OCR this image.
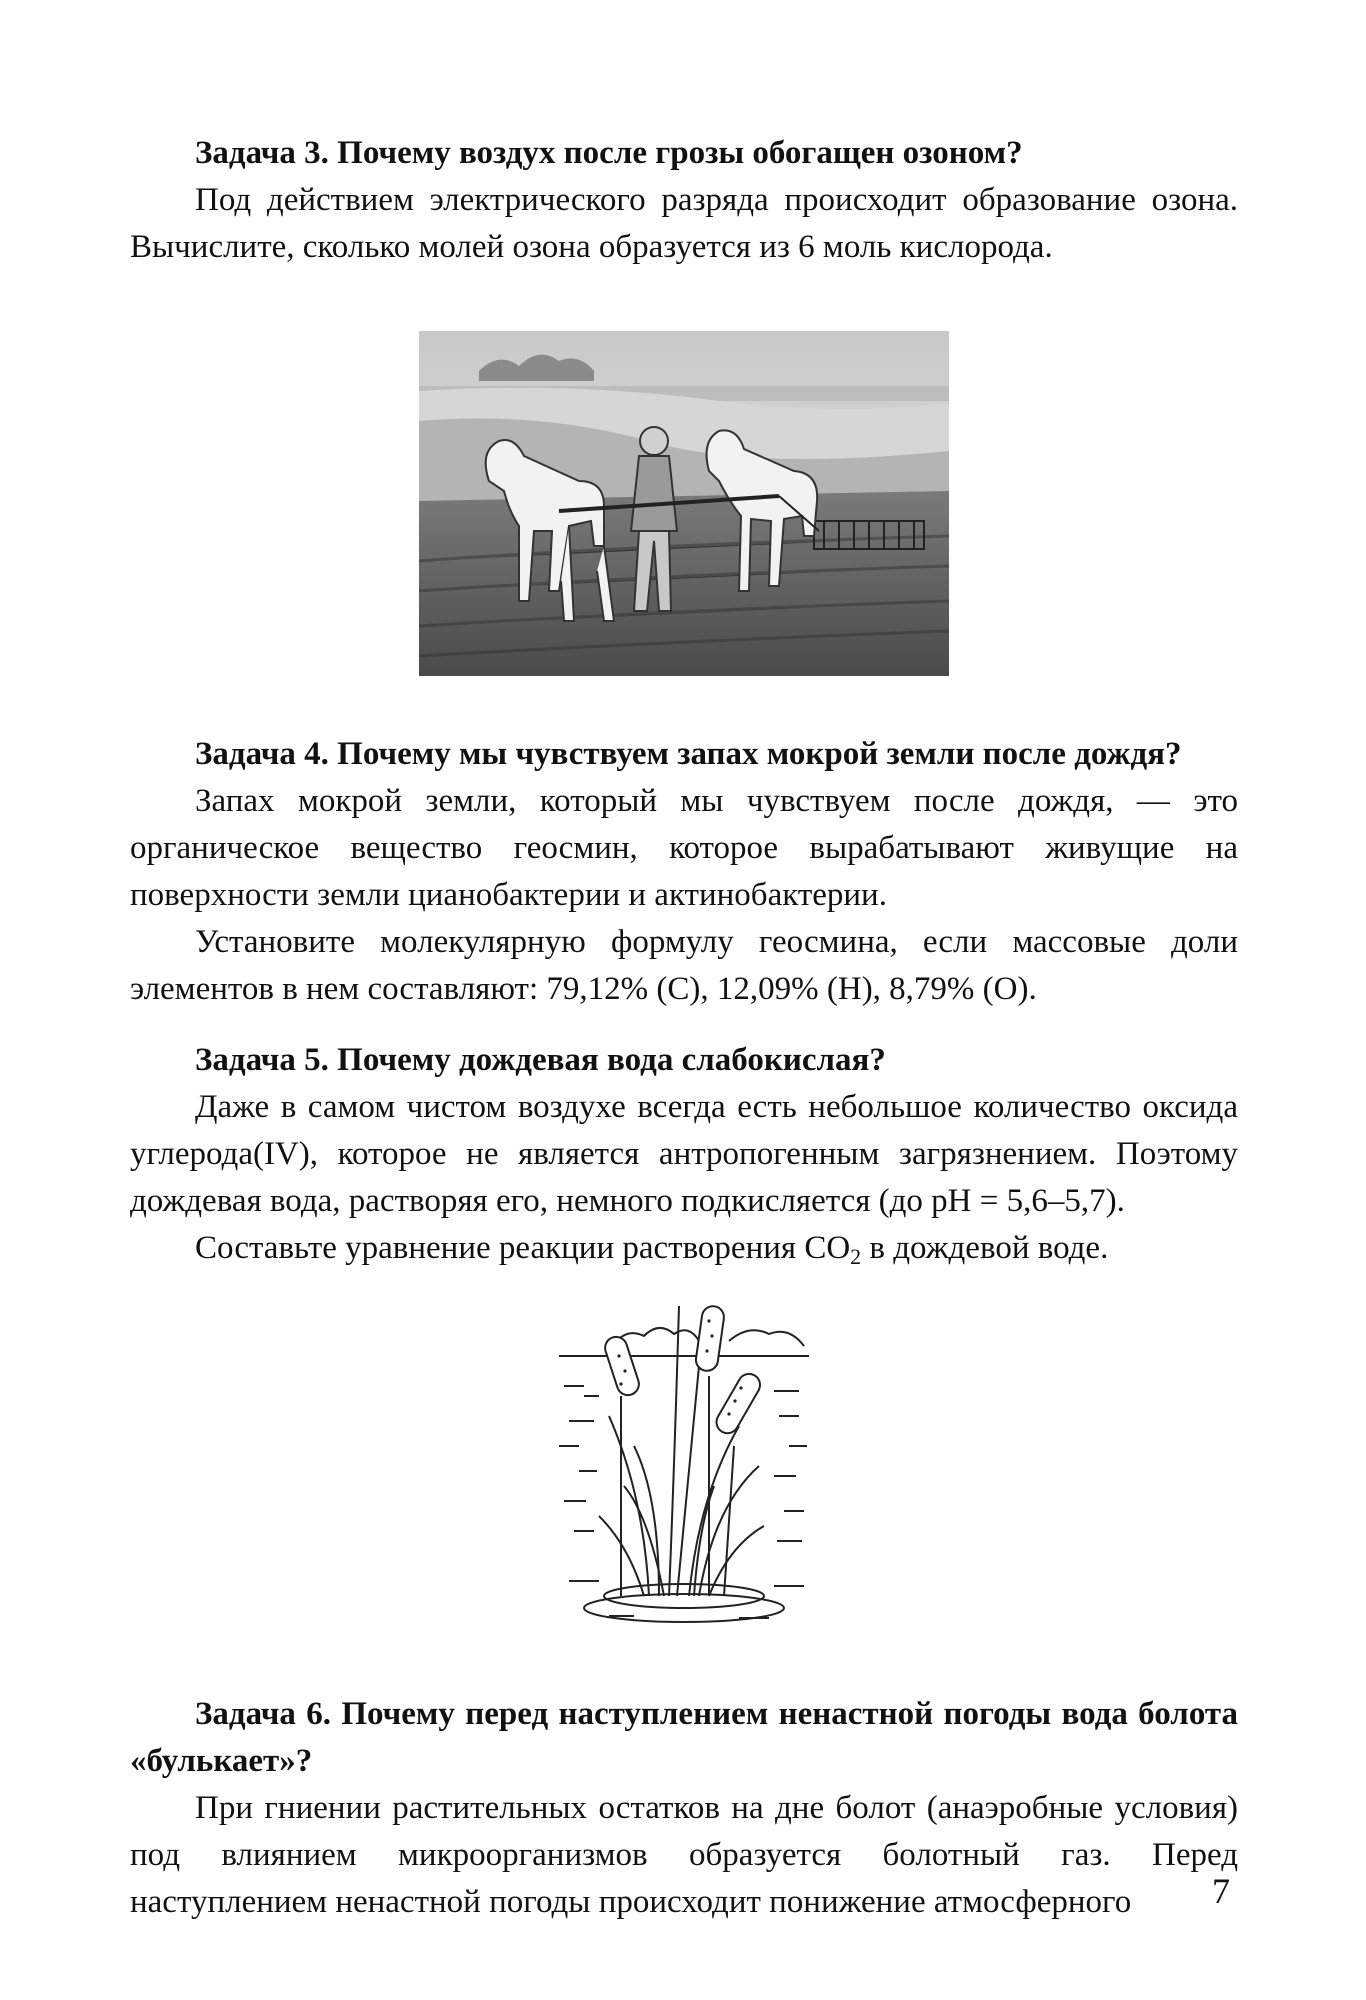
Задача 3. Почему воздух после грозы обогащен озоном?

Под действием электрического разряда происходит образование озона. Вычислите, сколько молей озона образуется из 6 моль кислорода.

Задача 4. Почему мы чувствуем запах мокрой земли после дождя?

Запах мокрой земли, который мы чувствуем после дождя, — это органическое вещество геосмин, которое вырабатывают живущие на поверхности земли цианобактерии и актинобактерии.

Установите молекулярную формулу геосмина, если массовые доли элементов в нем составляют: 79,12% (С), 12,09% (H), 8,79% (О).

Задача 5. Почему дождевая вода слабокислая?

Даже в самом чистом воздухе всегда есть небольшое количество оксида углерода(IV), которое не является антропогенным загрязнением. Поэтому дождевая вода, растворяя его, немного подкисляется (до рН = 5,6–5,7).

Составьте уравнение реакции растворения $СО_2$ в дождевой воде.

Задача 6. Почему перед наступлением ненастной погоды вода болота «булькает»?

При гниении растительных остатков на дне болот (анаэробные условия) под влиянием микроорганизмов образуется болотный газ. Перед наступлением ненастной погоды происходит понижение атмосферного	7
